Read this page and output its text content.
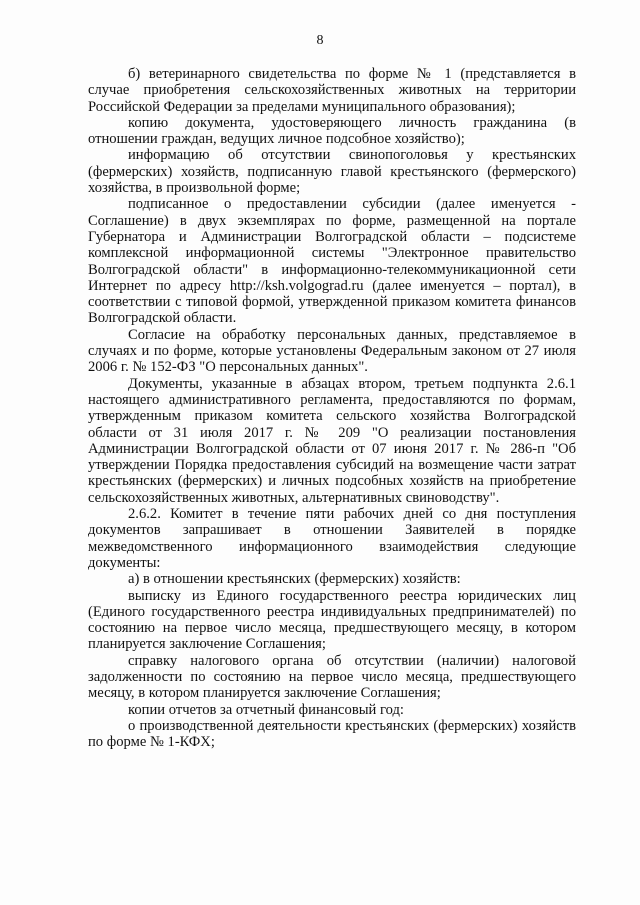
8

б) ветеринарного свидетельства по форме № 1 (представляется в случае приобретения сельскохозяйственных животных на территории Российской Федерации за пределами муниципального образования);

копию документа, удостоверяющего личность гражданина (в отношении граждан, ведущих личное подсобное хозяйство);

информацию об отсутствии свинопоголовья у крестьянских (фермерских) хозяйств, подписанную главой крестьянского (фермерского) хозяйства, в произвольной форме;

подписанное о предоставлении субсидии (далее именуется - Соглашение) в двух экземплярах по форме, размещенной на портале Губернатора и Администрации Волгоградской области – подсистеме комплексной информационной системы "Электронное правительство Волгоградской области" в информационно-телекоммуникационной сети Интернет по адресу http://ksh.volgograd.ru (далее именуется – портал), в соответствии с типовой формой, утвержденной приказом комитета финансов Волгоградской области.

Согласие на обработку персональных данных, представляемое в случаях и по форме, которые установлены Федеральным законом от 27 июля 2006 г. № 152-ФЗ "О персональных данных".

Документы, указанные в абзацах втором, третьем подпункта 2.6.1 настоящего административного регламента, предоставляются по формам, утвержденным приказом комитета сельского хозяйства Волгоградской области от 31 июля 2017 г. № 209 "О реализации постановления Администрации Волгоградской области от 07 июня 2017 г. № 286-п "Об утверждении Порядка предоставления субсидий на возмещение части затрат крестьянских (фермерских) и личных подсобных хозяйств на приобретение сельскохозяйственных животных, альтернативных свиноводству".

2.6.2. Комитет в течение пяти рабочих дней со дня поступления документов запрашивает в отношении Заявителей в порядке межведомственного информационного взаимодействия следующие документы:

а) в отношении крестьянских (фермерских) хозяйств:

выписку из Единого государственного реестра юридических лиц (Единого государственного реестра индивидуальных предпринимателей) по состоянию на первое число месяца, предшествующего месяцу, в котором планируется заключение Соглашения;

справку налогового органа об отсутствии (наличии) налоговой задолженности по состоянию на первое число месяца, предшествующего месяцу, в котором планируется заключение Соглашения;

копии отчетов за отчетный финансовый год:

о производственной деятельности крестьянских (фермерских) хозяйств по форме № 1-КФХ;
